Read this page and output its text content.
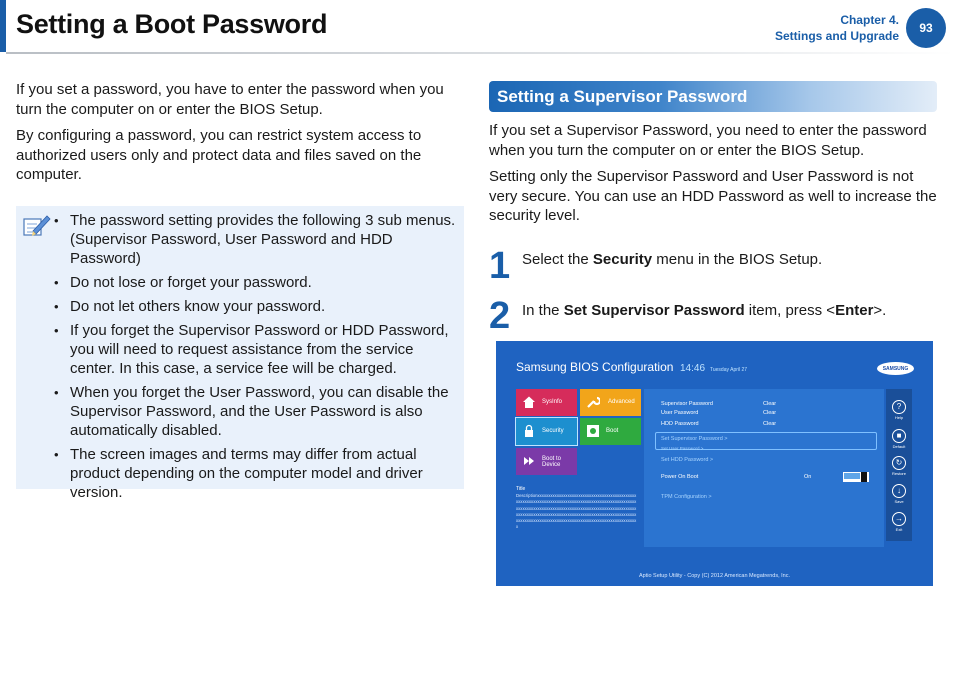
Setting a Boot Password	Chapter 4.
Settings and Upgrade
93
If you set a password, you have to enter the password when you turn the computer on or enter the BIOS Setup.
By configuring a password, you can restrict system access to authorized users only and protect data and files saved on the computer.
• The password setting provides the following 3 sub menus. (Supervisor Password, User Password and HDD Password)
• Do not lose or forget your password.
• Do not let others know your password.
• If you forget the Supervisor Password or HDD Password, you will need to request assistance from the service center. In this case, a service fee will be charged.
• When you forget the User Password, you can disable the Supervisor Password, and the User Password is also automatically disabled.
• The screen images and terms may differ from actual product depending on the computer model and driver version.
Setting a Supervisor Password
If you set a Supervisor Password, you need to enter the password when you turn the computer on or enter the BIOS Setup.
Setting only the Supervisor Password and User Password is not very secure. You can use an HDD Password as well to increase the security level.
1 Select the Security menu in the BIOS Setup.
2 In the Set Supervisor Password item, press <Enter>.
Samsung BIOS Configuration 14:46 Tuesday April 27	SAMSUNG
SysInfo	Advanced
Security	Boot
Boot to
Device
Title
Descriptionxxxxxxxxxxxxxxxxxxxxxxxxxxxxxxxxxxxxxxxxxxxxxxxxxxxxxxxxxxxxxxxxxxxxxxxxxxxxxxxxxxxxxxxxxxxxxxxxxxxxxxxxxxxxxxxxxxxxxxxxxxxxxxxxxxxxxxxxxxxxxxxxxxxxxxxxxxxxxxxxxxxxxxxxxxxxxxxxxxxxxxxxxxxxxxxxxxxxxxxxxxxxxxxxxxxxxxxxxxxxxxxxxxxxxxxxxxxxxxxxxxxxxxxxxxxxxxxxxxxxxxxxxxxxxxx
Supervisor Password	Clear
User Password	Clear
HDD Password	Clear
Set Supervisor Password >
Set User Password >
Set HDD Password >
Power On Boot	On
TPM Configuration >
?
Help
■
Default
↻
Restore
↓
Save
→
Exit
Aptio Setup Utility - Copy (C) 2012 American Megatrends, Inc.
